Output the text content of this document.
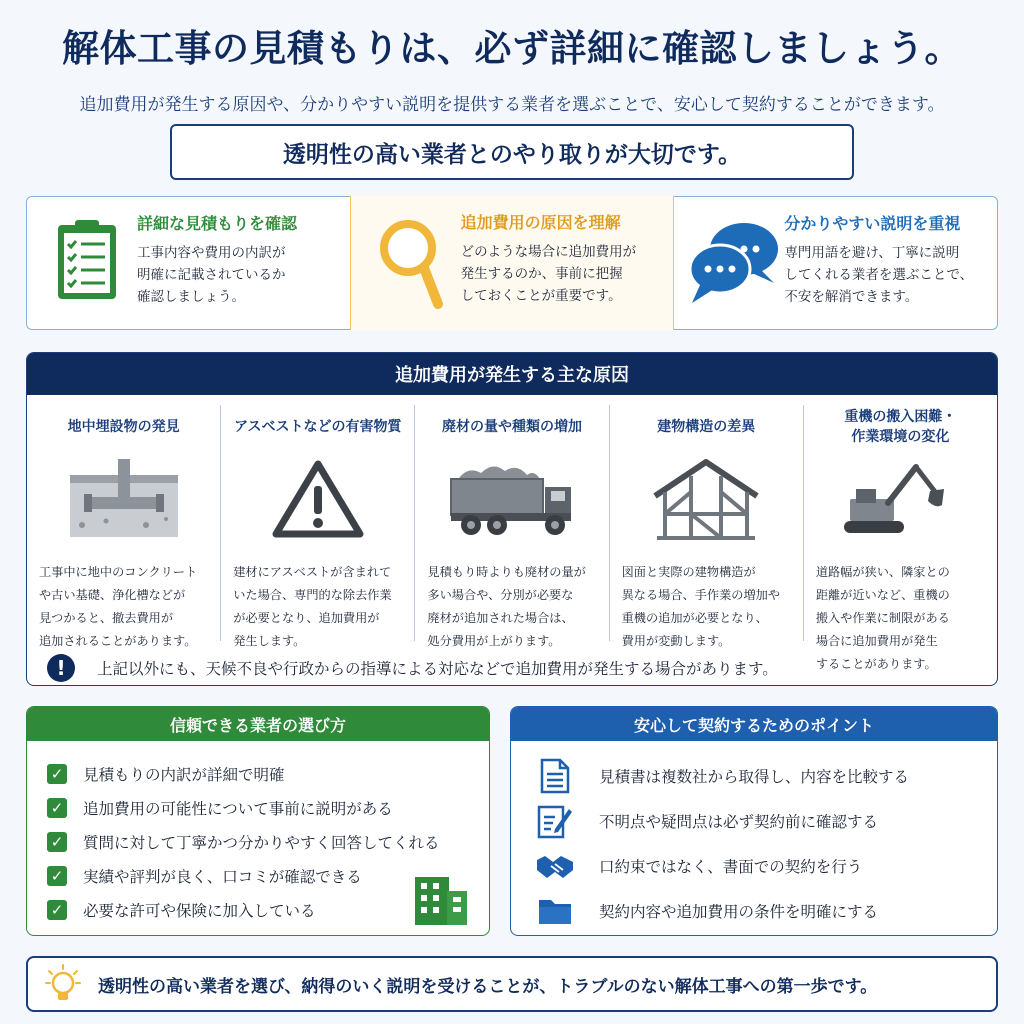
解体工事の見積もりは、必ず詳細に確認しましょう。
追加費用が発生する原因や、分かりやすい説明を提供する業者を選ぶことで、安心して契約することができます。
透明性の高い業者とのやり取りが大切です。
詳細な見積もりを確認
工事内容や費用の内訳が
明確に記載されているか
確認しましょう。
追加費用の原因を理解
どのような場合に追加費用が
発生するのか、事前に把握
しておくことが重要です。
分かりやすい説明を重視
専門用語を避け、丁寧に説明
してくれる業者を選ぶことで、
不安を解消できます。
追加費用が発生する主な原因
地中埋設物の発見
工事中に地中のコンクリート
や古い基礎、浄化槽などが
見つかると、撤去費用が
追加されることがあります。
アスベストなどの有害物質
建材にアスベストが含まれて
いた場合、専門的な除去作業
が必要となり、追加費用が
発生します。
廃材の量や種類の増加
見積もり時よりも廃材の量が
多い場合や、分別が必要な
廃材が追加された場合は、
処分費用が上がります。
建物構造の差異
図面と実際の建物構造が
異なる場合、手作業の増加や
重機の追加が必要となり、
費用が変動します。
重機の搬入困難・
作業環境の変化
道路幅が狭い、隣家との
距離が近いなど、重機の
搬入や作業に制限がある
場合に追加費用が発生
することがあります。
!	上記以外にも、天候不良や行政からの指導による対応などで追加費用が発生する場合があります。
信頼できる業者の選び方
✓ 見積もりの内訳が詳細で明確
✓ 追加費用の可能性について事前に説明がある
✓ 質問に対して丁寧かつ分かりやすく回答してくれる
✓ 実績や評判が良く、口コミが確認できる
✓ 必要な許可や保険に加入している
安心して契約するためのポイント
見積書は複数社から取得し、内容を比較する
不明点や疑問点は必ず契約前に確認する
口約束ではなく、書面での契約を行う
契約内容や追加費用の条件を明確にする
透明性の高い業者を選び、納得のいく説明を受けることが、トラブルのない解体工事への第一歩です。
